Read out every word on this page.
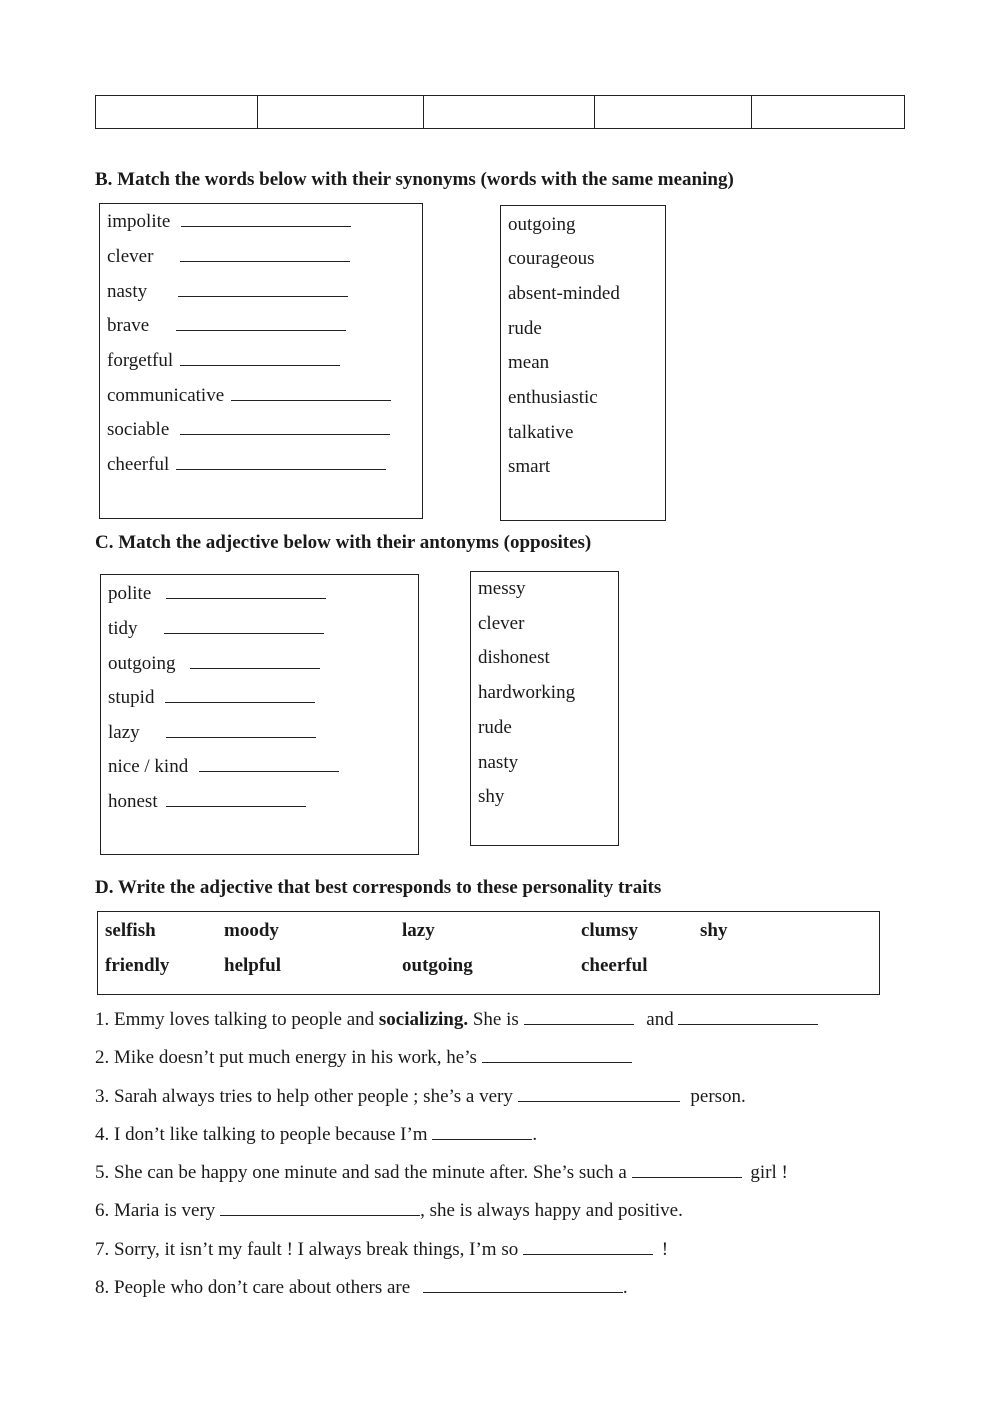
B. Match the words below with their synonyms (words with the same meaning)
impolite
clever
nasty
brave
forgetful
communicative
sociable
cheerful
outgoing
courageous
absent-minded
rude
mean
enthusiastic
talkative
smart
C. Match the adjective below with their antonyms (opposites)
polite
tidy
outgoing
stupid
lazy
nice / kind
honest
messy
clever
dishonest
hardworking
rude
nasty
shy
D. Write the adjective that best corresponds to these personality traits
selfish	moody	lazy	clumsy	shy
friendly	helpful	outgoing	cheerful
1. Emmy loves talking to people and socializing. She is	and
2. Mike doesn’t put much energy in his work, he’s
3. Sarah always tries to help other people ; she’s a very	person.
4. I don’t like talking to people because I’m	.
5. She can be happy one minute and sad the minute after. She’s such a	girl !
6. Maria is very	, she is always happy and positive.
7. Sorry, it isn’t my fault ! I always break things, I’m so	!
8. People who don’t care about others are	.
